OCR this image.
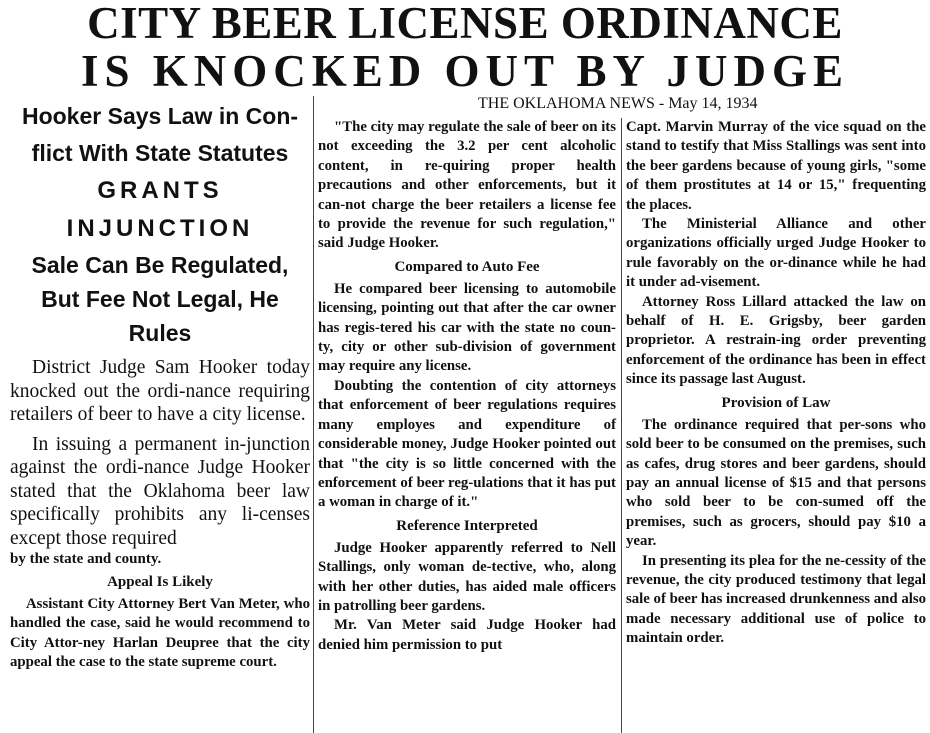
CITY BEER LICENSE ORDINANCE
IS KNOCKED OUT BY JUDGE
THE OKLAHOMA NEWS - May 14, 1934

Hooker Says Law in Con-flict With State Statutes

GRANTS INJUNCTION

Sale Can Be Regulated, But Fee Not Legal, He Rules

District Judge Sam Hooker today knocked out the ordi-nance requiring retailers of beer to have a city license.

In issuing a permanent in-junction against the ordi-nance Judge Hooker stated that the Oklahoma beer law specifically prohibits any li-censes except those required

by the state and county.

Appeal Is Likely

Assistant City Attorney Bert Van Meter, who handled the case, said he would recommend to City Attor-ney Harlan Deupree that the city appeal the case to the state supreme court.

"The city may regulate the sale of beer on its not exceeding the 3.2 per cent alcoholic content, in re-quiring proper health precautions and other enforcements, but it can-not charge the beer retailers a license fee to provide the revenue for such regulation," said Judge Hooker.

Compared to Auto Fee

He compared beer licensing to automobile licensing, pointing out that after the car owner has regis-tered his car with the state no coun-ty, city or other sub-division of government may require any license.

Doubting the contention of city attorneys that enforcement of beer regulations requires many employes and expenditure of considerable money, Judge Hooker pointed out that "the city is so little concerned with the enforcement of beer reg-ulations that it has put a woman in charge of it."

Reference Interpreted

Judge Hooker apparently referred to Nell Stallings, only woman de-tective, who, along with her other duties, has aided male officers in patrolling beer gardens.

Mr. Van Meter said Judge Hooker had denied him permission to put

Capt. Marvin Murray of the vice squad on the stand to testify that Miss Stallings was sent into the beer gardens because of young girls, "some of them prostitutes at 14 or 15," frequenting the places.

The Ministerial Alliance and other organizations officially urged Judge Hooker to rule favorably on the or-dinance while he had it under ad-visement.

Attorney Ross Lillard attacked the law on behalf of H. E. Grigsby, beer garden proprietor. A restrain-ing order preventing enforcement of the ordinance has been in effect since its passage last August.

Provision of Law

The ordinance required that per-sons who sold beer to be consumed on the premises, such as cafes, drug stores and beer gardens, should pay an annual license of $15 and that persons who sold beer to be con-sumed off the premises, such as grocers, should pay $10 a year.

In presenting its plea for the ne-cessity of the revenue, the city produced testimony that legal sale of beer has increased drunkenness and also made necessary additional use of police to maintain order.
